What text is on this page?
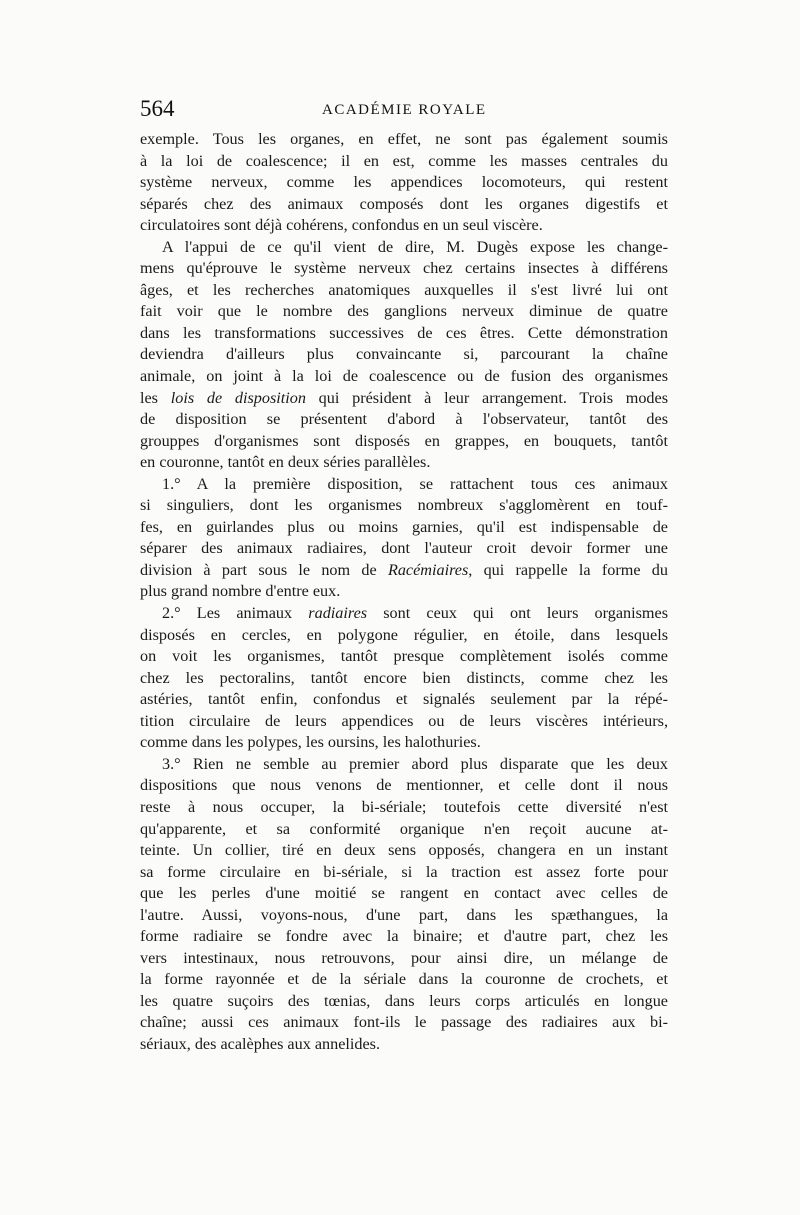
564	ACADÉMIE ROYALE
exemple. Tous les organes, en effet, ne sont pas également soumis
à la loi de coalescence; il en est, comme les masses centrales du
système nerveux, comme les appendices locomoteurs, qui restent
séparés chez des animaux composés dont les organes digestifs et
circulatoires sont déjà cohérens, confondus en un seul viscère.
A l'appui de ce qu'il vient de dire, M. Dugès expose les change-
mens qu'éprouve le système nerveux chez certains insectes à différens
âges, et les recherches anatomiques auxquelles il s'est livré lui ont
fait voir que le nombre des ganglions nerveux diminue de quatre
dans les transformations successives de ces êtres. Cette démonstration
deviendra d'ailleurs plus convaincante si, parcourant la chaîne
animale, on joint à la loi de coalescence ou de fusion des organismes
les lois de disposition qui président à leur arrangement. Trois modes
de disposition se présentent d'abord à l'observateur, tantôt des
grouppes d'organismes sont disposés en grappes, en bouquets, tantôt
en couronne, tantôt en deux séries parallèles.
1.° A la première disposition, se rattachent tous ces animaux
si singuliers, dont les organismes nombreux s'agglomèrent en touf-
fes, en guirlandes plus ou moins garnies, qu'il est indispensable de
séparer des animaux radiaires, dont l'auteur croit devoir former une
division à part sous le nom de Racémiaires, qui rappelle la forme du
plus grand nombre d'entre eux.
2.° Les animaux radiaires sont ceux qui ont leurs organismes
disposés en cercles, en polygone régulier, en étoile, dans lesquels
on voit les organismes, tantôt presque complètement isolés comme
chez les pectoralins, tantôt encore bien distincts, comme chez les
astéries, tantôt enfin, confondus et signalés seulement par la répé-
tition circulaire de leurs appendices ou de leurs viscères intérieurs,
comme dans les polypes, les oursins, les halothuries.
3.° Rien ne semble au premier abord plus disparate que les deux
dispositions que nous venons de mentionner, et celle dont il nous
reste à nous occuper, la bi-sériale; toutefois cette diversité n'est
qu'apparente, et sa conformité organique n'en reçoit aucune at-
teinte. Un collier, tiré en deux sens opposés, changera en un instant
sa forme circulaire en bi-sériale, si la traction est assez forte pour
que les perles d'une moitié se rangent en contact avec celles de
l'autre. Aussi, voyons-nous, d'une part, dans les spæthangues, la
forme radiaire se fondre avec la binaire; et d'autre part, chez les
vers intestinaux, nous retrouvons, pour ainsi dire, un mélange de
la forme rayonnée et de la sériale dans la couronne de crochets, et
les quatre suçoirs des tœnias, dans leurs corps articulés en longue
chaîne; aussi ces animaux font-ils le passage des radiaires aux bi-
sériaux, des acalèphes aux annelides.
